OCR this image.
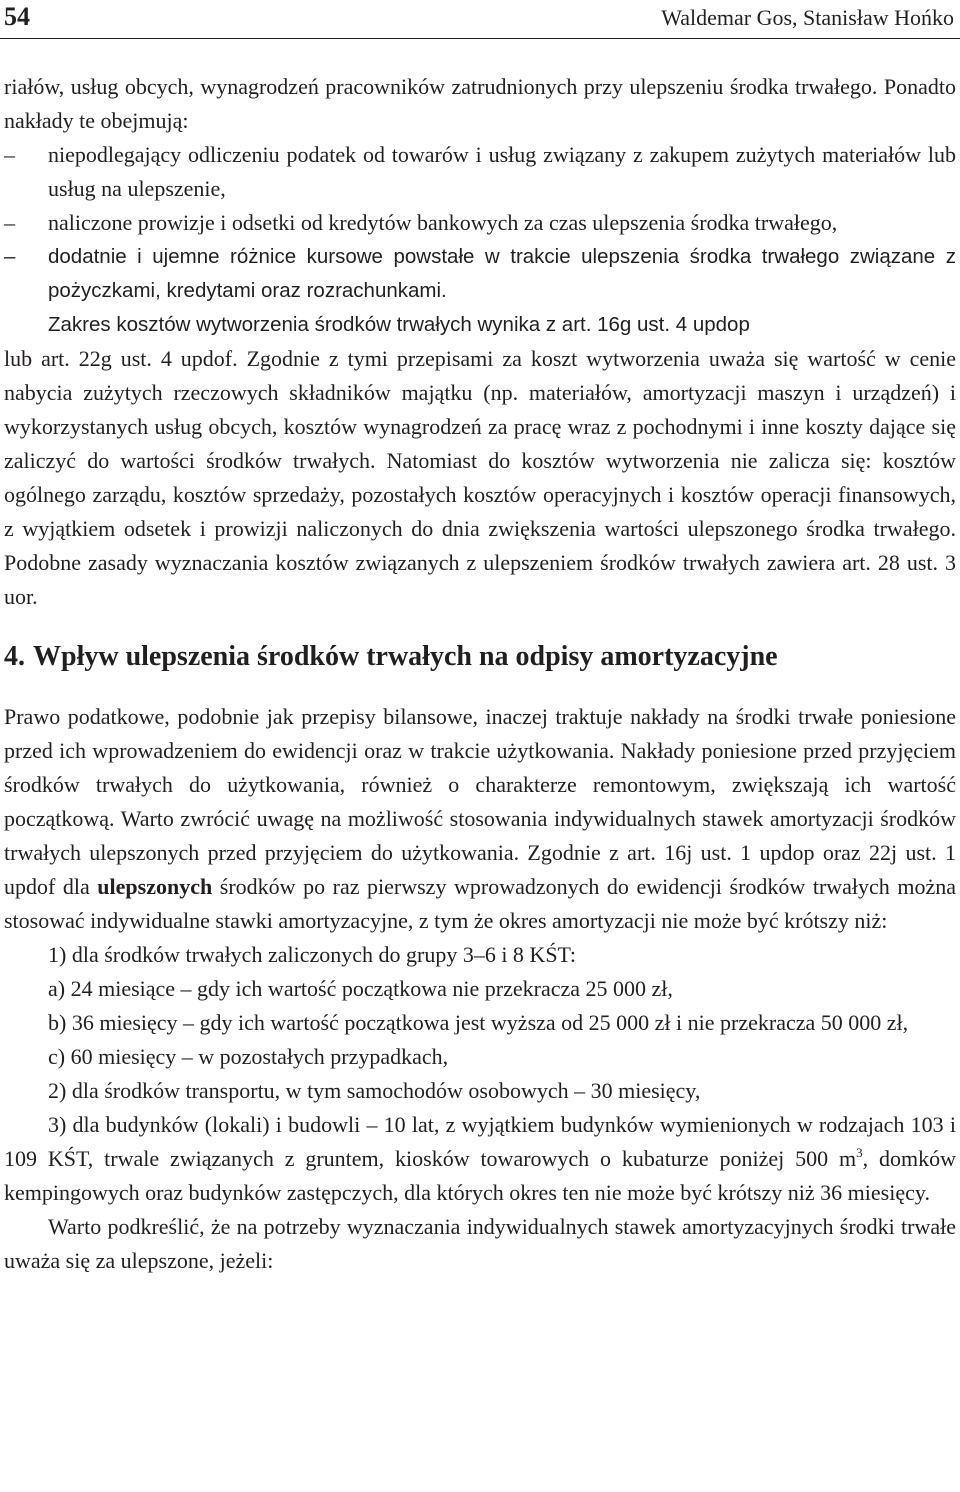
54	Waldemar Gos, Stanisław Hońko

riałów, usług obcych, wynagrodzeń pracowników zatrudnionych przy ulepszeniu środka trwałego. Ponadto nakłady te obejmują:

– niepodlegający odliczeniu podatek od towarów i usług związany z zakupem zużytych materiałów lub usług na ulepszenie,
– naliczone prowizje i odsetki od kredytów bankowych za czas ulepszenia środka trwałego,
– dodatnie i ujemne różnice kursowe powstałe w trakcie ulepszenia środka trwałego związane z pożyczkami, kredytami oraz rozrachunkami.

Zakres kosztów wytworzenia środków trwałych wynika z art. 16g ust. 4 updop
lub art. 22g ust. 4 updof. Zgodnie z tymi przepisami za koszt wytworzenia uważa się wartość w cenie nabycia zużytych rzeczowych składników majątku (np. materiałów, amortyzacji maszyn i urządzeń) i wykorzystanych usług obcych, kosztów wynagrodzeń za pracę wraz z pochodnymi i inne koszty dające się zaliczyć do wartości środków trwałych. Natomiast do kosztów wytworzenia nie zalicza się: kosztów ogólnego zarządu, kosztów sprzedaży, pozostałych kosztów operacyjnych i kosztów operacji finansowych, z wyjątkiem odsetek i prowizji naliczonych do dnia zwiększenia wartości ulepszonego środka trwałego. Podobne zasady wyznaczania kosztów związanych z ulepszeniem środków trwałych zawiera art. 28 ust. 3 uor.

4. Wpływ ulepszenia środków trwałych na odpisy amortyzacyjne

Prawo podatkowe, podobnie jak przepisy bilansowe, inaczej traktuje nakłady na środki trwałe poniesione przed ich wprowadzeniem do ewidencji oraz w trakcie użytkowania. Nakłady poniesione przed przyjęciem środków trwałych do użytkowania, również o charakterze remontowym, zwiększają ich wartość początkową. Warto zwrócić uwagę na możliwość stosowania indywidualnych stawek amortyzacji środków trwałych ulepszonych przed przyjęciem do użytkowania. Zgodnie z art. 16j ust. 1 updop oraz 22j ust. 1 updof dla ulepszonych środków po raz pierwszy wprowadzonych do ewidencji środków trwałych można stosować indywidualne stawki amortyzacyjne, z tym że okres amortyzacji nie może być krótszy niż:

1) dla środków trwałych zaliczonych do grupy 3–6 i 8 KŚT:

a) 24 miesiące – gdy ich wartość początkowa nie przekracza 25 000 zł,

b) 36 miesięcy – gdy ich wartość początkowa jest wyższa od 25 000 zł i nie przekracza 50 000 zł,

c) 60 miesięcy – w pozostałych przypadkach,

2) dla środków transportu, w tym samochodów osobowych – 30 miesięcy,

3) dla budynków (lokali) i budowli – 10 lat, z wyjątkiem budynków wymienionych w rodzajach 103 i 109 KŚT, trwale związanych z gruntem, kiosków towarowych o kubaturze poniżej 500 $m^3$, domków kempingowych oraz budynków zastępczych, dla których okres ten nie może być krótszy niż 36 miesięcy.

Warto podkreślić, że na potrzeby wyznaczania indywidualnych stawek amortyzacyjnych środki trwałe uważa się za ulepszone, jeżeli:
